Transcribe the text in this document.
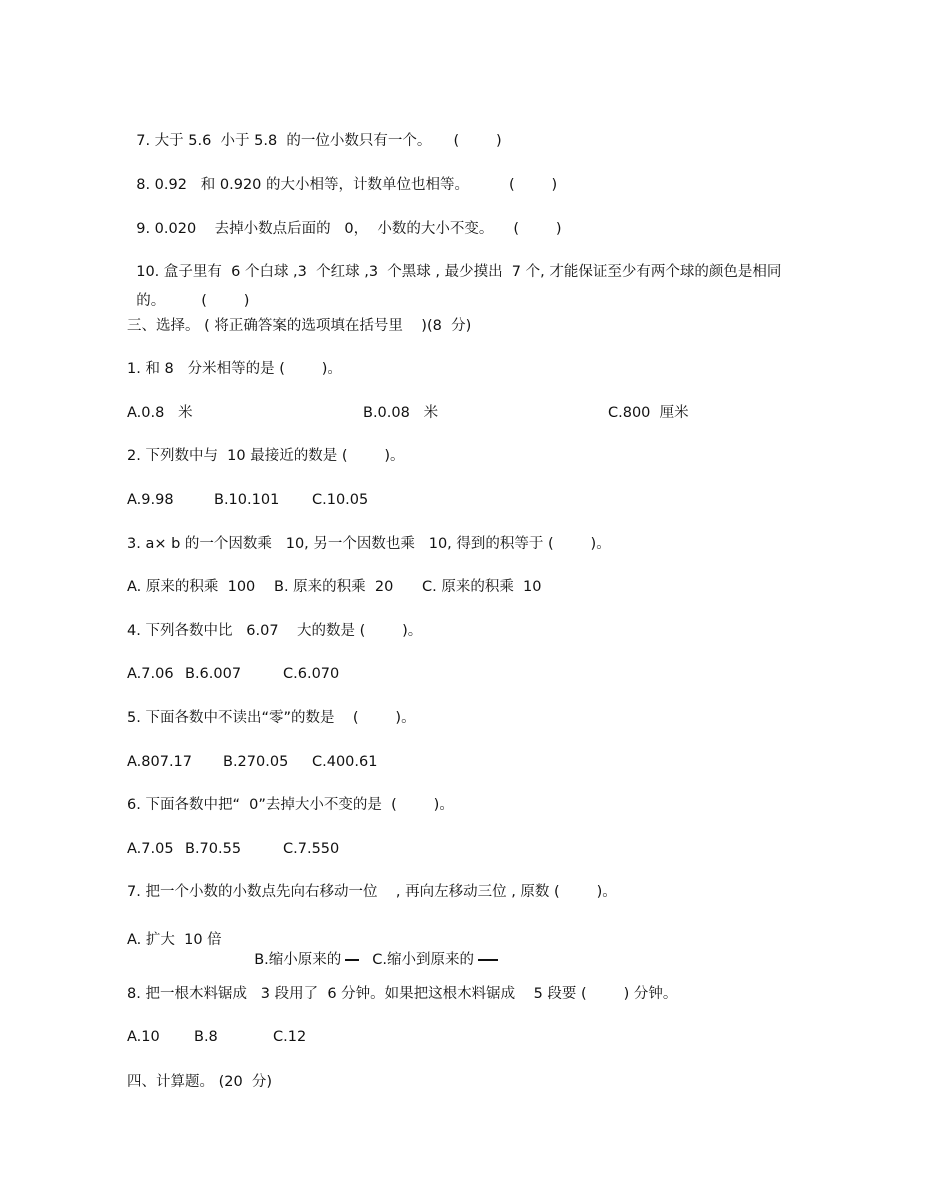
7. 大于 5.6  小于 5.8  的一位小数只有一个。 (        )

8. 0.92   和 0.920 的大小相等，计数单位也相等。	(        )

9. 0.020    去掉小数点后面的   0，  小数的大小不变。 (        )

10. 盒子里有  6 个白球 ,3  个红球 ,3  个黑球 , 最少摸出  7 个, 才能保证至少有两个球的颜色是相同

的。 (        )

三、选择。 ( 将正确答案的选项填在括号里    )(8  分)
1. 和 8   分米相等的是 (        )。
A.0.8   米	B.0.08   米	C.800  厘米
2. 下列数中与  10 最接近的数是 (        )。
A.9.98	B.10.101 C.10.05
3. a× b 的一个因数乘   10, 另一个因数也乘   10, 得到的积等于 (        )。
A. 原来的积乘  100 B. 原来的积乘  20 C. 原来的积乘  10
4. 下列各数中比   6.07    大的数是 (        )。
A.7.06 B.6.007	C.6.070
5. 下面各数中不读出“零”的数是    (        )。
A.807.17 B.270.05 C.400.61
6. 下面各数中把“  0”去掉大小不变的是  (        )。
A.7.05 B.70.55	C.7.550
7. 把一个小数的小数点先向右移动一位    , 再向左移动三位 , 原数 (        )。
A. 扩大  10 倍

B.缩小原来的	C.缩小到原来的

8. 把一根木料锯成   3 段用了  6 分钟。如果把这根木料锯成    5 段要 (        ) 分钟。
A.10 B.8	C.12
四、计算题。 (20  分)
